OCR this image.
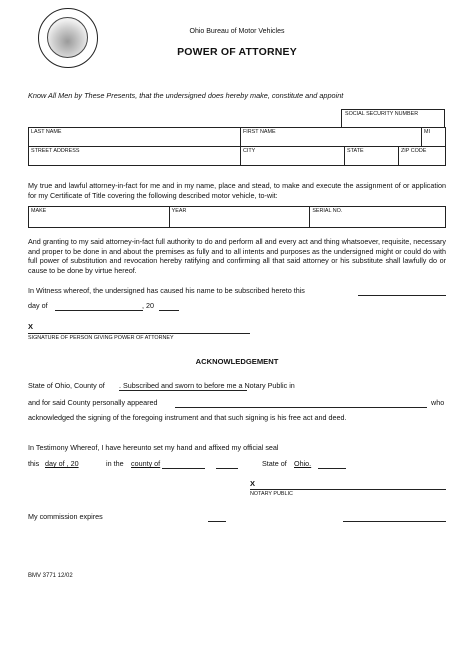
Ohio Bureau of Motor Vehicles
POWER OF ATTORNEY
Know All Men by These Presents, that the undersigned does hereby make, constitute and appoint
SOCIAL SECURITY NUMBER
LAST NAME	FIRST NAME			MI
STREET ADDRESS	CITY	STATE	ZIP CODE	
My true and lawful attorney-in-fact for me and in my name, place and stead, to make and execute the assignment of or application for my Certificate of Title covering the following described motor vehicle, to-wit:
MAKE	YEAR	SERIAL NO.
And granting to my said attorney-in-fact full authority to do and perform all and every act and thing whatsoever, requisite, necessary and proper to be done in and about the premises as fully and to all intents and purposes as the undersigned might or could do with full power of substitution and revocation hereby ratifying and confirming all that said attorney or his substitute shall lawfully do or cause to be done by virtue hereof.
In Witness whereof, the undersigned has caused his name to be subscribed hereto this
day of	, 20
X
SIGNATURE OF PERSON GIVING POWER OF ATTORNEY
ACKNOWLEDGEMENT
State of Ohio, County of . Subscribed and sworn to before me a Notary Public in
and for said County personally appeared	who
acknowledged the signing of the foregoing instrument and that such signing is his free act and deed.
In Testimony Whereof, I have hereunto set my hand and affixed my official seal
this day of , 20	in the county of	State of Ohio.
X
NOTARY PUBLIC
My commission expires
BMV 3771 12/02
